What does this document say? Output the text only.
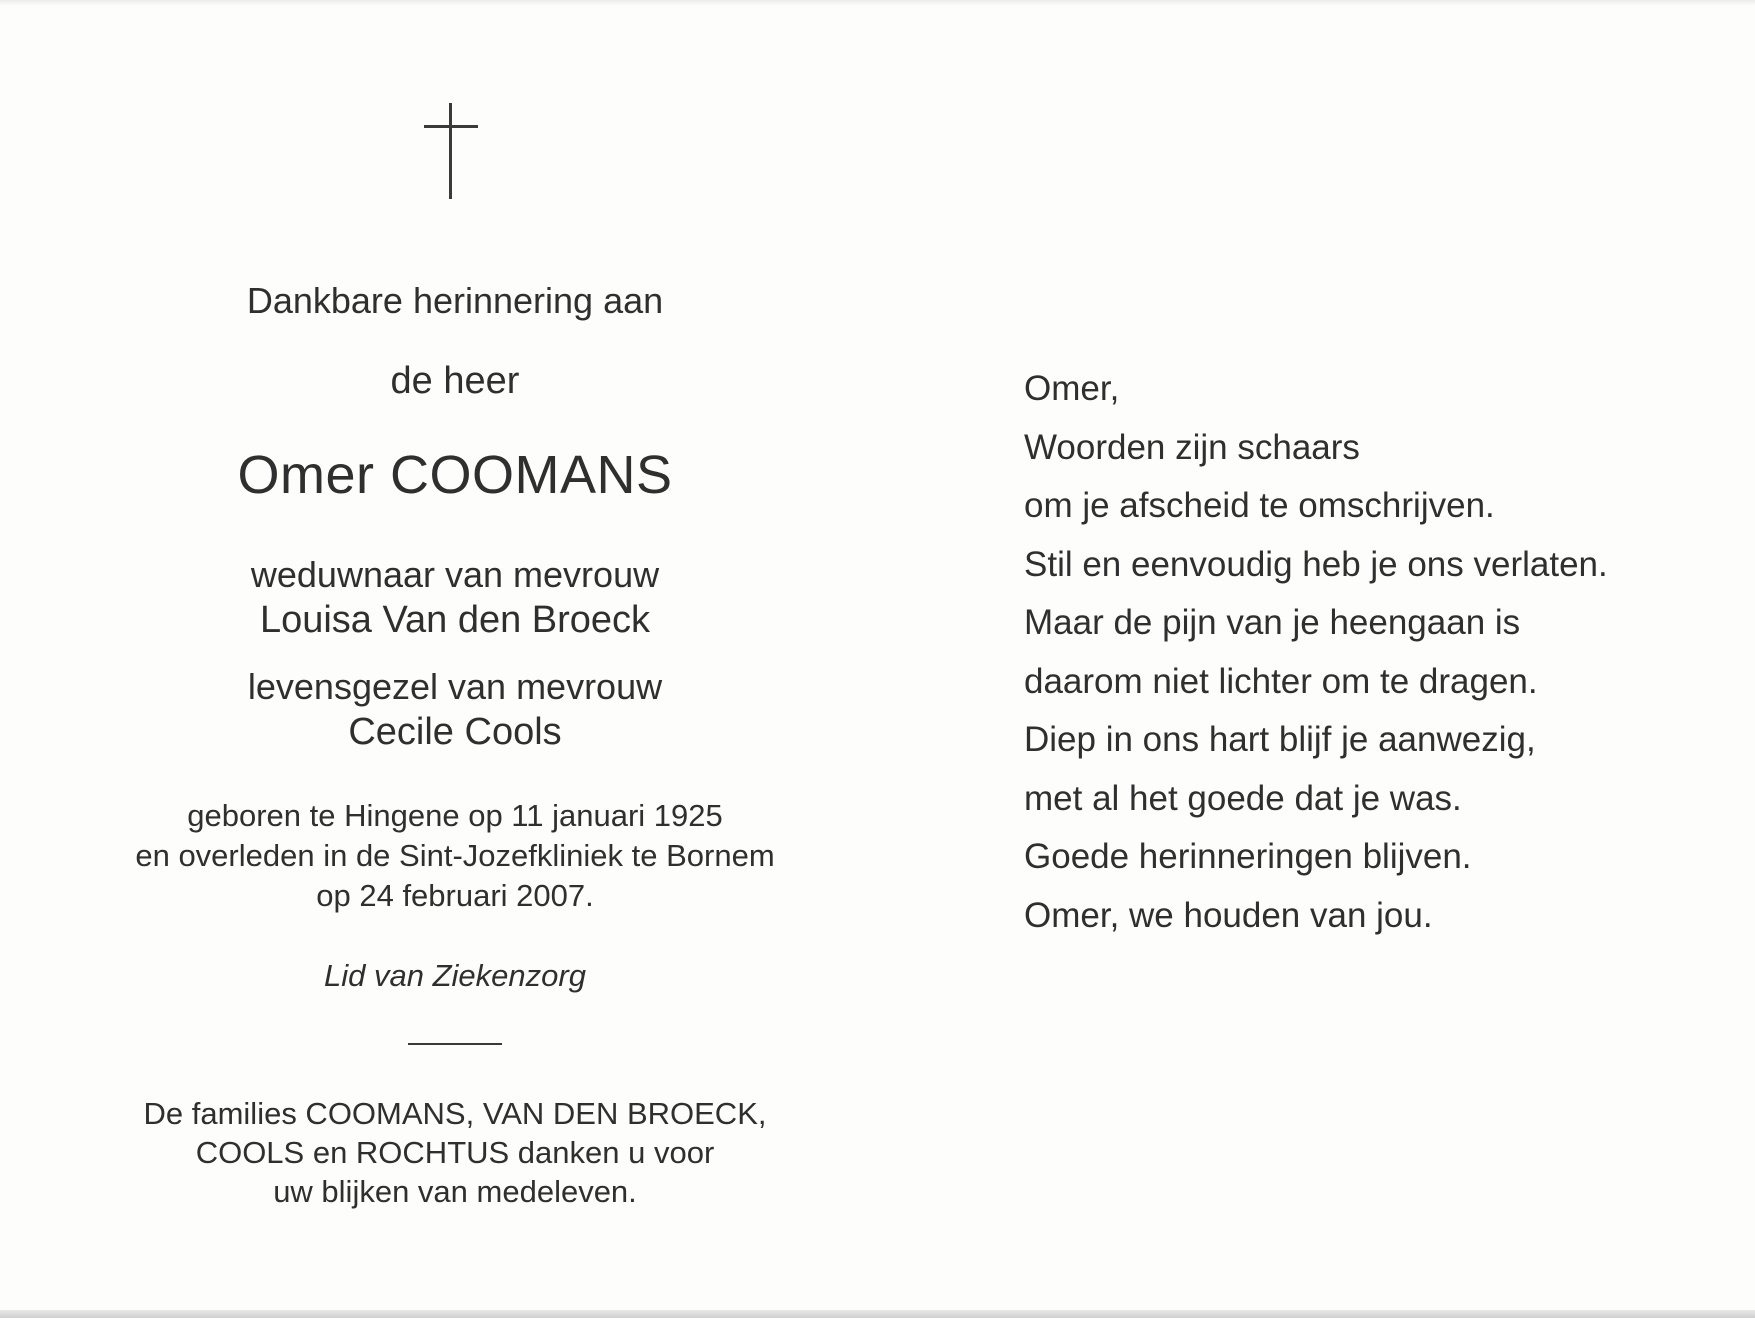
Dankbare herinnering aan
de heer
Omer COOMANS
weduwnaar van mevrouw
Louisa Van den Broeck
levensgezel van mevrouw
Cecile Cools
geboren te Hingene op 11 januari 1925
en overleden in de Sint-Jozefkliniek te Bornem
op 24 februari 2007.
Lid van Ziekenzorg
De families COOMANS, VAN DEN BROECK,
COOLS en ROCHTUS danken u voor
uw blijken van medeleven.
Omer,
Woorden zijn schaars
om je afscheid te omschrijven.
Stil en eenvoudig heb je ons verlaten.
Maar de pijn van je heengaan is
daarom niet lichter om te dragen.
Diep in ons hart blijf je aanwezig,
met al het goede dat je was.
Goede herinneringen blijven.
Omer, we houden van jou.
